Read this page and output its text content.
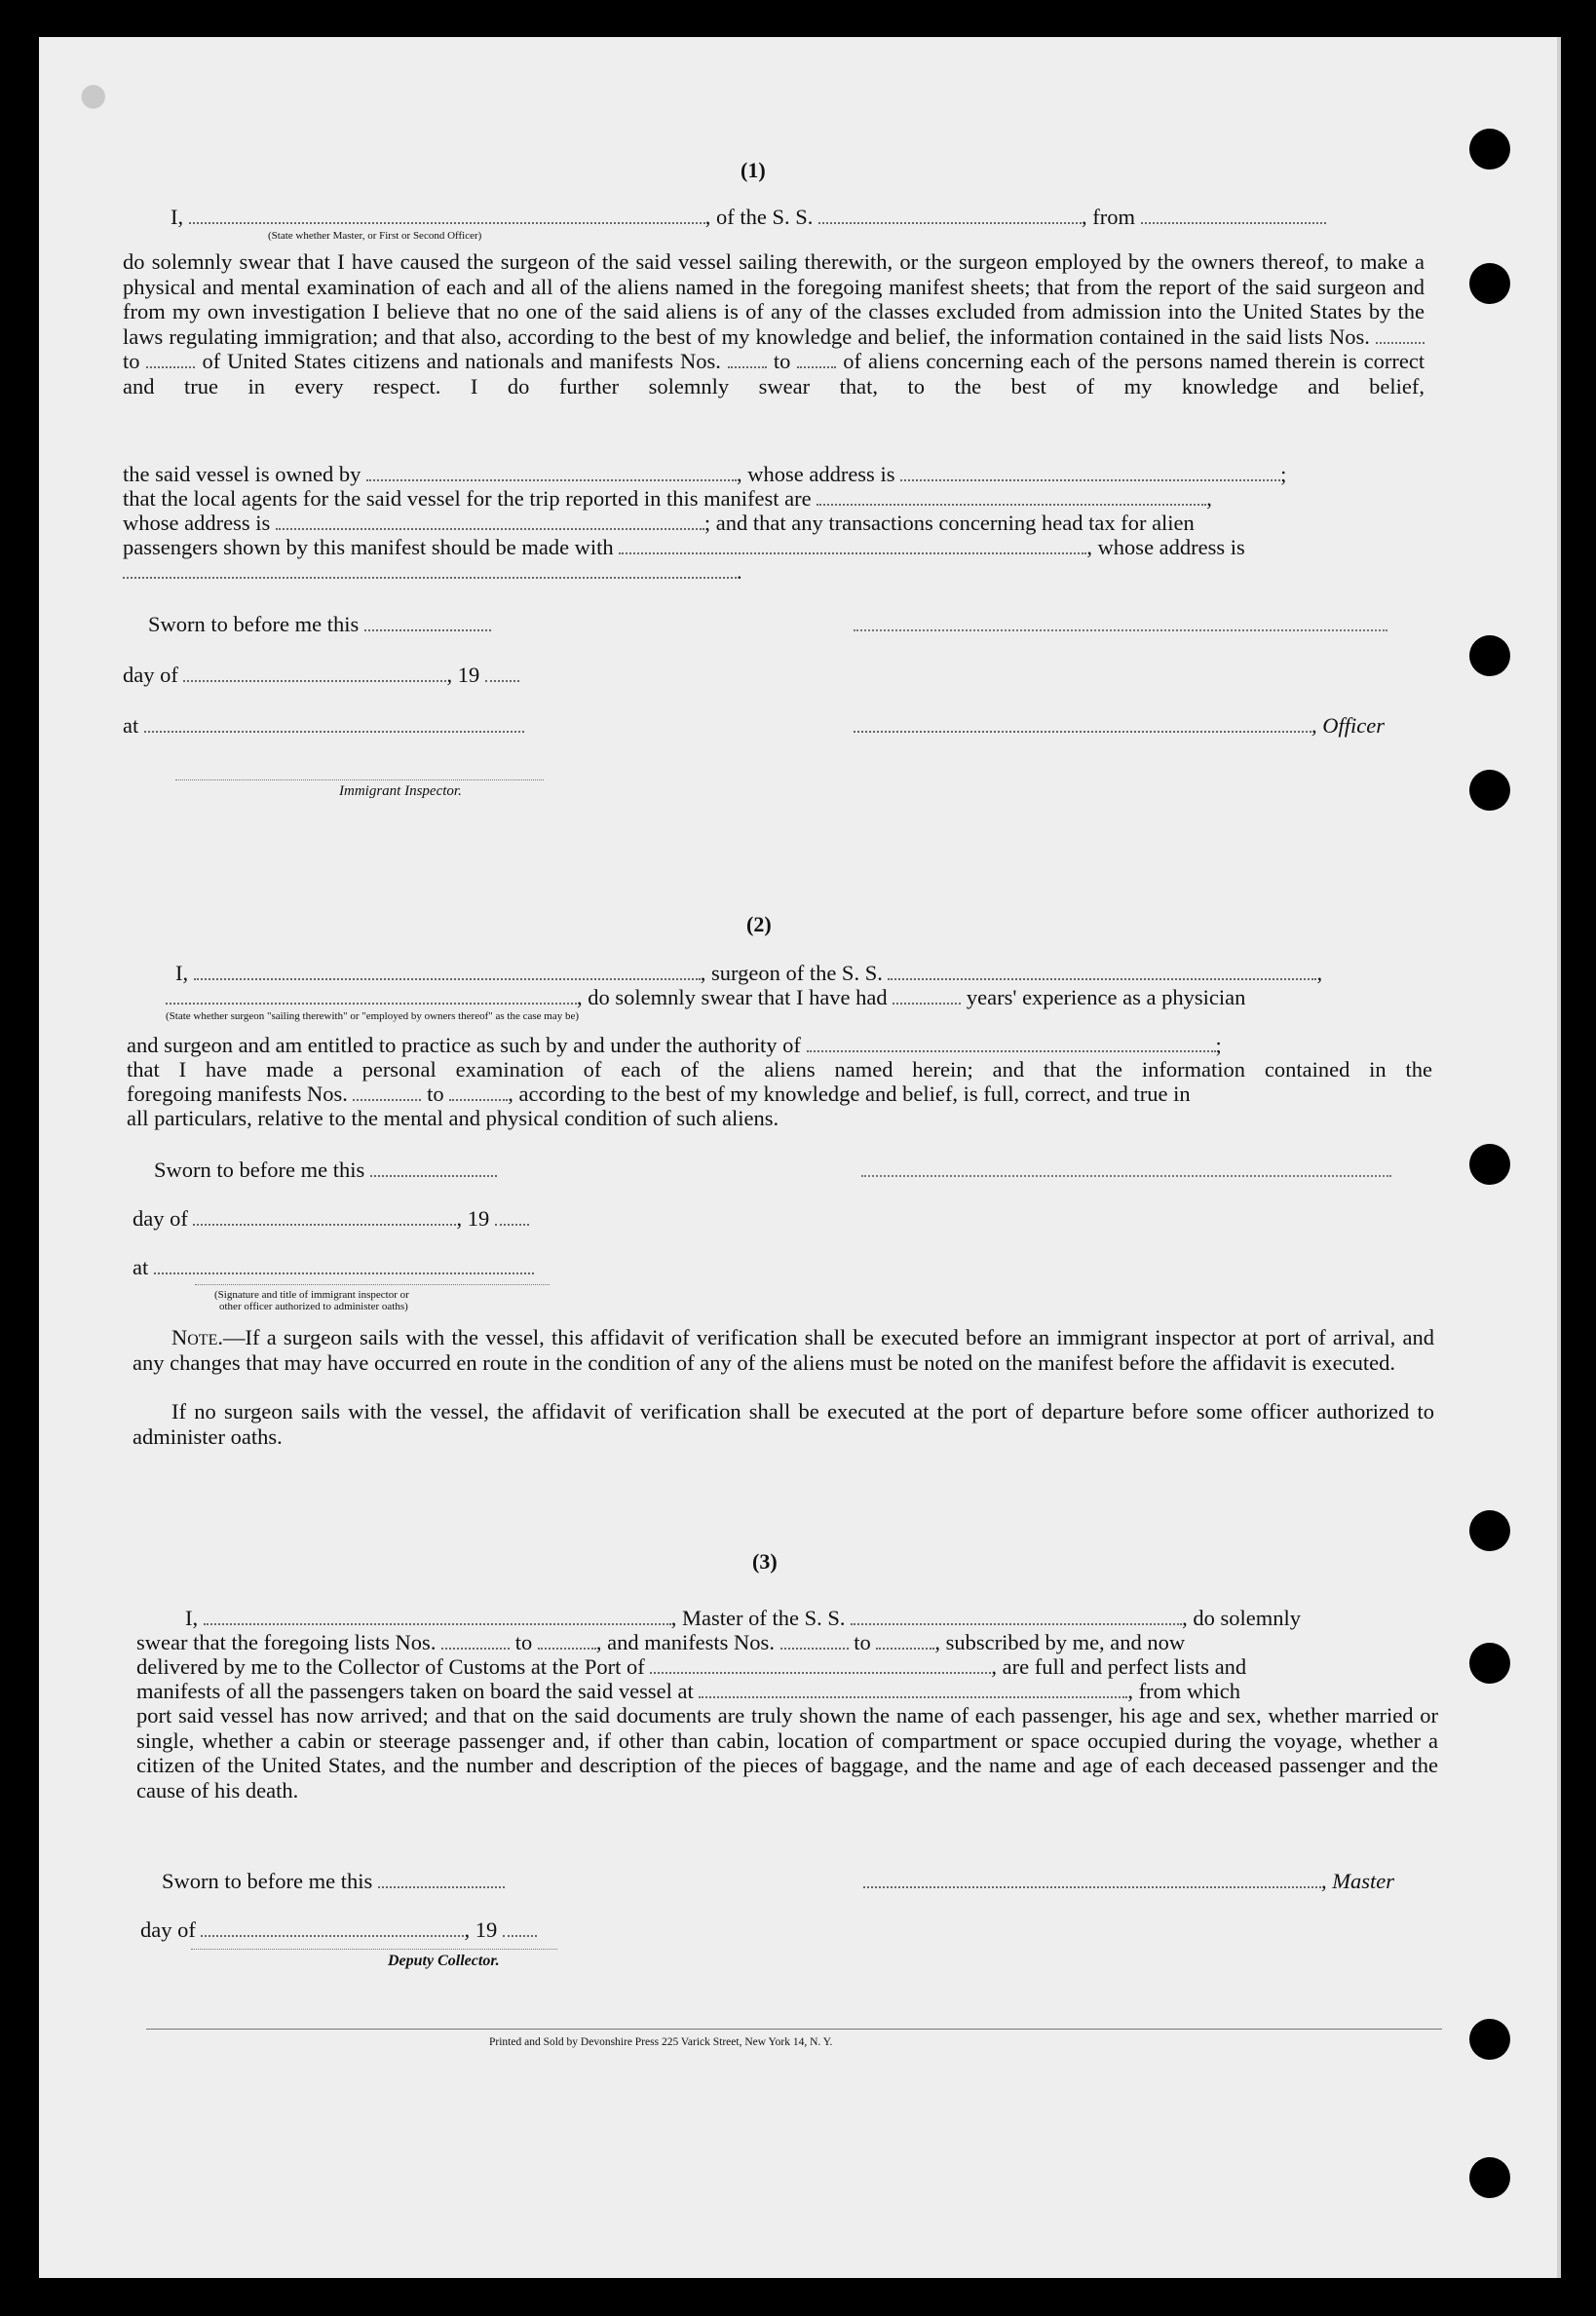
•
(1)
I,	, of the S. S.	, from
(State whether Master, or First or Second Officer)

do solemnly swear that I have caused the surgeon of the said vessel sailing therewith, or the surgeon employed by the owners thereof, to make a physical and mental examination of each and all of the aliens named in the foregoing manifest sheets; that from the report of the said surgeon and from my own investigation I believe that no one of the said aliens is of any of the classes excluded from admission into the United States by the laws regulating immigration; and that also, according to the best of my knowledge and belief, the information contained in the said lists Nos.  to	of United States citizens and nationals and manifests Nos. to of aliens concerning each of the persons named therein is correct and true in every respect. I do further solemnly swear that, to the best of my knowledge and belief,

the said vessel is owned by	, whose address is	;
that the local agents for the said vessel for the trip reported in this manifest are	,
whose address is	; and that any transactions concerning head tax for alien
passengers shown by this manifest should be made with	, whose address is
.
Sworn to before me this
day of	, 19
at	, Officer
Immigrant Inspector.
(2)
I,	, surgeon of the S. S.	,
, do solemnly swear that I have had	years' experience as a physician
(State whether surgeon "sailing therewith" or "employed by owners thereof" as the case may be)
and surgeon and am entitled to practice as such by and under the authority of	;

that I have made a personal examination of each of the aliens named herein; and that the information contained in the

foregoing manifests Nos.	to	, according to the best of my knowledge and belief, is full, correct, and true in
all particulars, relative to the mental and physical condition of such aliens.
Sworn to before me this
day of	, 19
at
(Signature and title of immigrant inspector or
other officer authorized to administer oaths)

Note.—If a surgeon sails with the vessel, this affidavit of verification shall be executed before an immigrant inspector at port of arrival, and any changes that may have occurred en route in the condition of any of the aliens must be noted on the manifest before the affidavit is executed.

If no surgeon sails with the vessel, the affidavit of verification shall be executed at the port of departure before some officer authorized to administer oaths.

(3)
I,	, Master of the S. S.	, do solemnly
swear that the foregoing lists Nos.	to	, and manifests Nos.	to	, subscribed by me, and now
delivered by me to the Collector of Customs at the Port of	, are full and perfect lists and
manifests of all the passengers taken on board the said vessel at	, from which

port said vessel has now arrived; and that on the said documents are truly shown the name of each passenger, his age and sex, whether married or single, whether a cabin or steerage passenger and, if other than cabin, location of compartment or space occupied during the voyage, whether a citizen of the United States, and the number and description of the pieces of baggage, and the name and age of each deceased passenger and the cause of his death.

Sworn to before me this	, Master
day of	, 19
Deputy Collector.
Printed and Sold by Devonshire Press 225 Varick Street, New York 14, N. Y.
